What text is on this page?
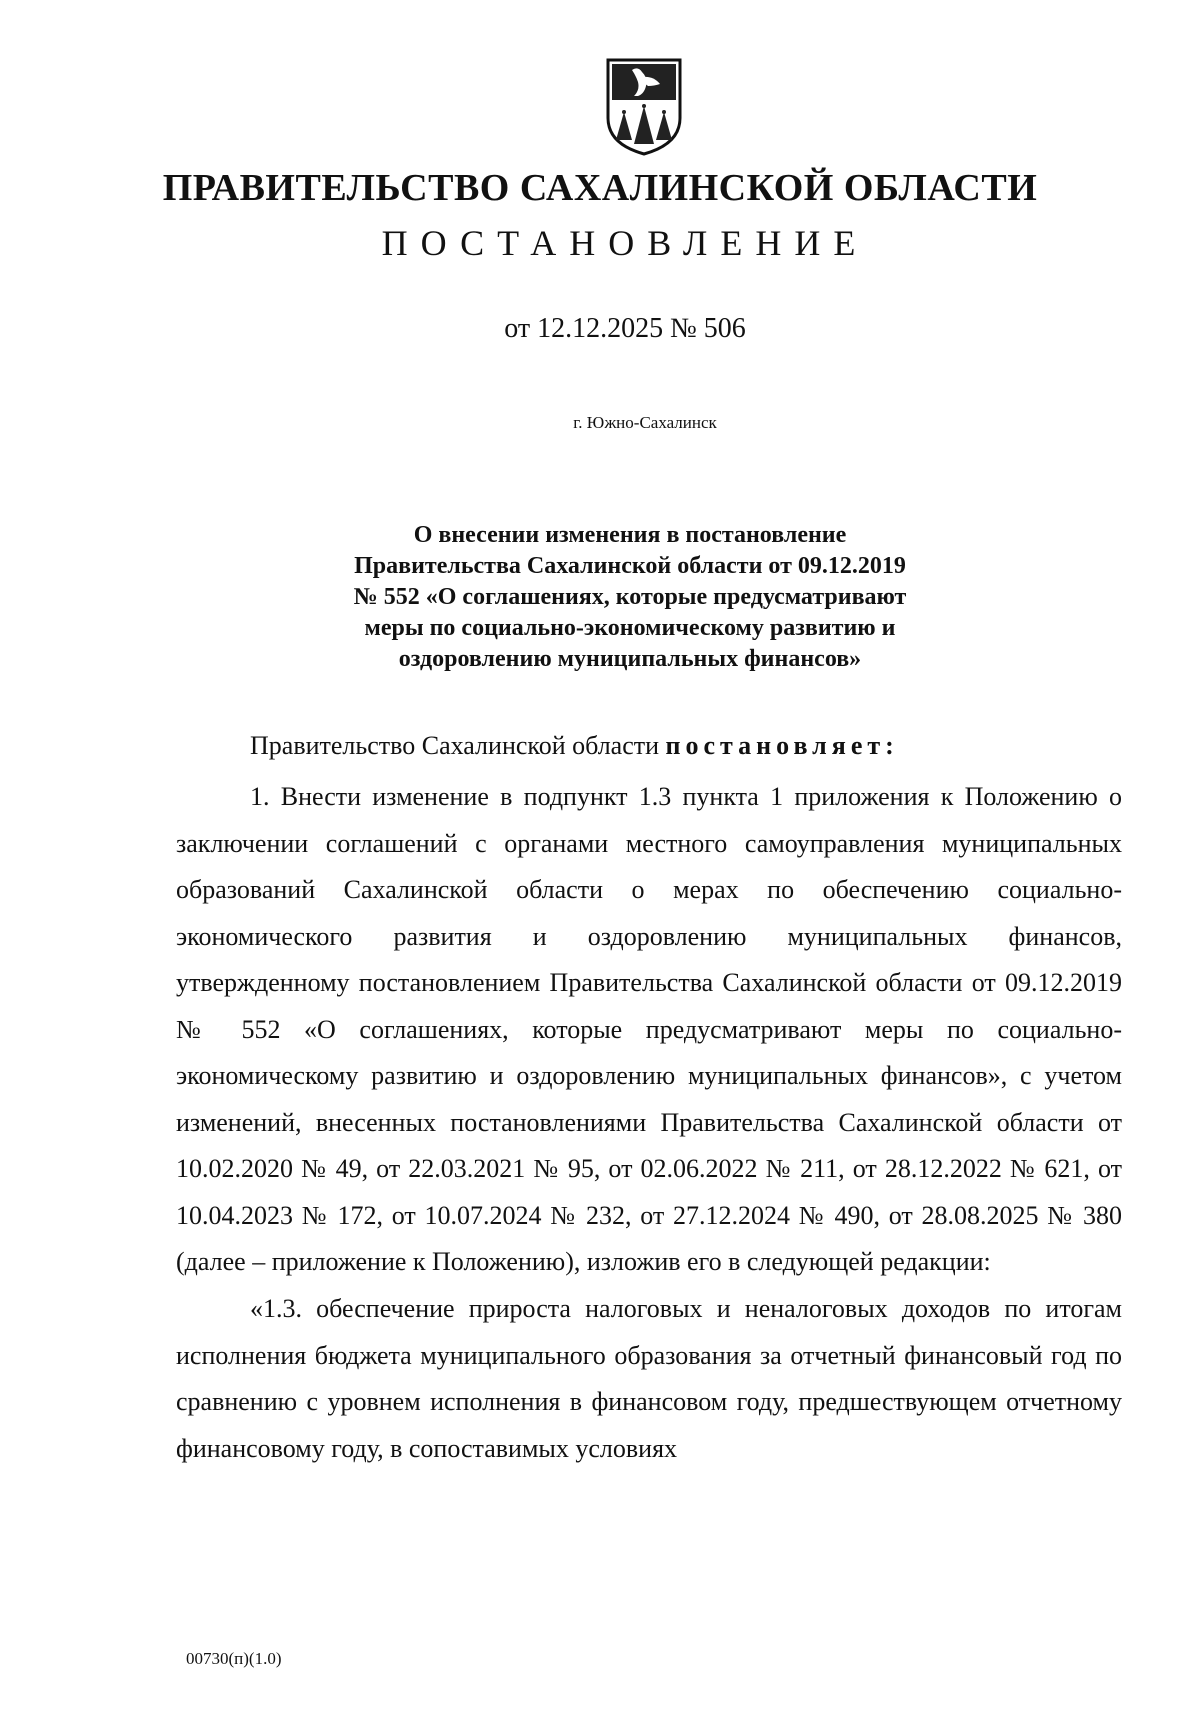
ПРАВИТЕЛЬСТВО САХАЛИНСКОЙ ОБЛАСТИ
ПОСТАНОВЛЕНИЕ
от 12.12.2025 № 506
г. Южно-Сахалинск
О внесении изменения в постановление
Правительства Сахалинской области от 09.12.2019
№ 552 «О соглашениях, которые предусматривают
меры по социально-экономическому развитию и
оздоровлению муниципальных финансов»
Правительство Сахалинской области постановляет:

1. Внести изменение в подпункт 1.3 пункта 1 приложения к Положению о заключении соглашений с органами местного самоуправления муниципальных образований Сахалинской области о мерах по обеспечению социально-экономического развития и оздоровлению муниципальных финансов, утвержденному постановлением Правительства Сахалинской области от 09.12.2019 № 552 «О соглашениях, которые предусматривают меры по социально-экономическому развитию и оздоровлению муниципальных финансов», с учетом изменений, внесенных постановлениями Правительства Сахалинской области от 10.02.2020 № 49, от 22.03.2021 № 95, от 02.06.2022 № 211, от 28.12.2022 № 621, от 10.04.2023 № 172, от 10.07.2024 № 232, от 27.12.2024 № 490, от 28.08.2025 № 380 (далее – приложение к Положению), изложив его в следующей редакции:

«1.3. обеспечение прироста налоговых и неналоговых доходов по итогам исполнения бюджета муниципального образования за отчетный финансовый год по сравнению с уровнем исполнения в финансовом году, предшествующем отчетному финансовому году, в сопоставимых условиях

00730(п)(1.0)
